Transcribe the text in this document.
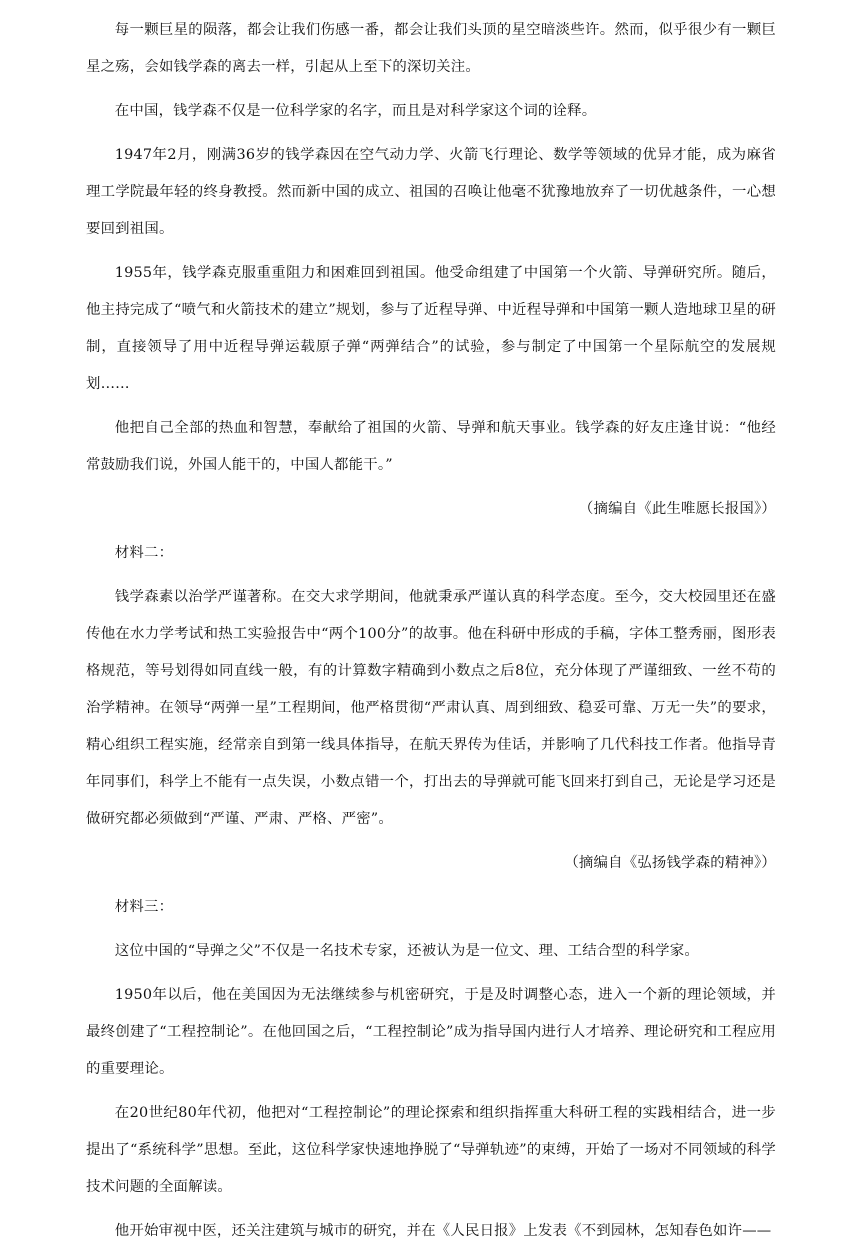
每一颗巨星的陨落，都会让我们伤感一番，都会让我们头顶的星空暗淡些许。然而，似乎很少有一颗巨星之殇，会如钱学森的离去一样，引起从上至下的深切关注。

在中国，钱学森不仅是一位科学家的名字，而且是对科学家这个词的诠释。

1947年2月，刚满36岁的钱学森因在空气动力学、火箭飞行理论、数学等领域的优异才能，成为麻省理工学院最年轻的终身教授。然而新中国的成立、祖国的召唤让他毫不犹豫地放弃了一切优越条件，一心想要回到祖国。

1955年，钱学森克服重重阻力和困难回到祖国。他受命组建了中国第一个火箭、导弹研究所。随后，他主持完成了“喷气和火箭技术的建立”规划，参与了近程导弹、中近程导弹和中国第一颗人造地球卫星的研制，直接领导了用中近程导弹运载原子弹“两弹结合”的试验，参与制定了中国第一个星际航空的发展规划……

他把自己全部的热血和智慧，奉献给了祖国的火箭、导弹和航天事业。钱学森的好友庄逢甘说：“他经常鼓励我们说，外国人能干的，中国人都能干。”

（摘编自《此生唯愿长报国》）

材料二：

钱学森素以治学严谨著称。在交大求学期间，他就秉承严谨认真的科学态度。至今，交大校园里还在盛传他在水力学考试和热工实验报告中“两个100分”的故事。他在科研中形成的手稿，字体工整秀丽，图形表格规范，等号划得如同直线一般，有的计算数字精确到小数点之后8位，充分体现了严谨细致、一丝不苟的治学精神。在领导“两弹一星”工程期间，他严格贯彻“严肃认真、周到细致、稳妥可靠、万无一失”的要求，精心组织工程实施，经常亲自到第一线具体指导，在航天界传为佳话，并影响了几代科技工作者。他指导青年同事们，科学上不能有一点失误，小数点错一个，打出去的导弹就可能飞回来打到自己，无论是学习还是做研究都必须做到“严谨、严肃、严格、严密”。

（摘编自《弘扬钱学森的精神》）

材料三：

这位中国的“导弹之父”不仅是一名技术专家，还被认为是一位文、理、工结合型的科学家。

1950年以后，他在美国因为无法继续参与机密研究，于是及时调整心态，进入一个新的理论领域，并最终创建了“工程控制论”。在他回国之后，“工程控制论”成为指导国内进行人才培养、理论研究和工程应用的重要理论。

在20世纪80年代初，他把对“工程控制论”的理论探索和组织指挥重大科研工程的实践相结合，进一步提出了“系统科学”思想。至此，这位科学家快速地挣脱了“导弹轨迹”的束缚，开始了一场对不同领域的科学技术问题的全面解读。

他开始审视中医，还关注建筑与城市的研究，并在《人民日报》上发表《不到园林，怎知春色如许——
